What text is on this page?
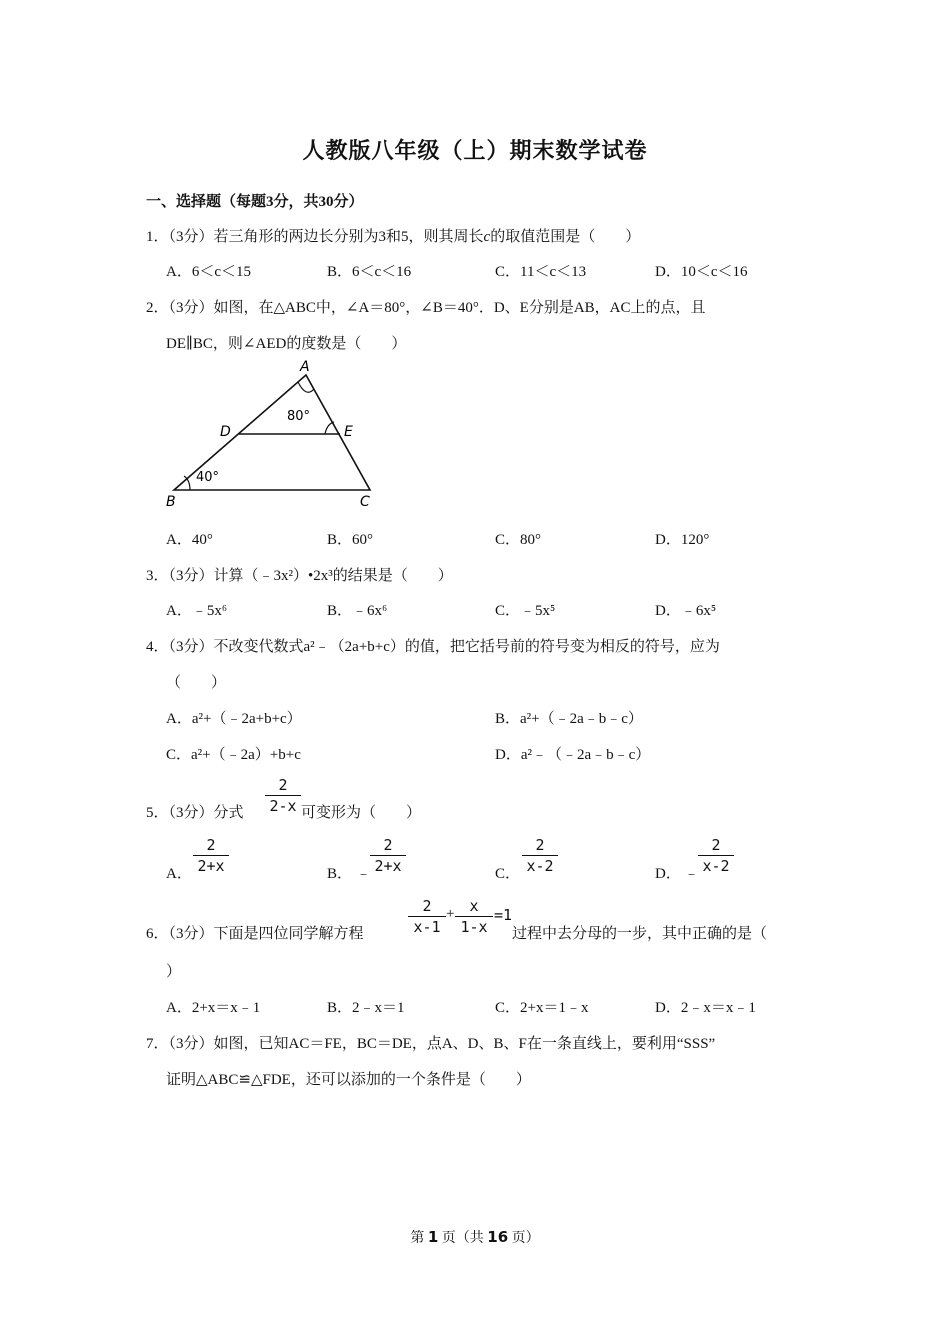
人教版八年级（上）期末数学试卷
一、选择题（每题3分，共30分）
1．（3分）若三角形的两边长分别为3和5，则其周长c的取值范围是（　　）
A．6＜c＜15	B．6＜c＜16	C．11＜c＜13	D．10＜c＜16
2．（3分）如图，在△ABC中，∠A＝80°，∠B＝40°．D、E分别是AB，AC上的点，且
DE∥BC，则∠AED的度数是（　　）
A
80°
D	E
40°
B	C
A．40°	B．60°	C．80°	D．120°
3．（3分）计算（﹣3x²）•2x³的结果是（　　）
A．﹣5x⁶	B．﹣6x⁶	C．﹣5x⁵	D．﹣6x⁵
4．（3分）不改变代数式a²﹣（2a+b+c）的值，把它括号前的符号变为相反的符号，应为
（　　）
A．a²+（﹣2a+b+c）	B．a²+（﹣2a﹣b﹣c）
C．a²+（﹣2a）+b+c	D．a²﹣（﹣2a﹣b﹣c）
5．（3分）分式
2
2-x 可变形为（　　）
A．
2
2+x	B． ﹣
2
2+x	C．
2
x-2	D． ﹣
2
x-2
6．（3分）下面是四位同学解方程
2
x-1
+	x
1-x
=1
过程中去分母的一步，其中正确的是（
）
A．2+x＝x﹣1	B．2﹣x＝1	C．2+x＝1﹣x	D．2﹣x＝x﹣1
7．（3分）如图，已知AC＝FE，BC＝DE，点A、D、B、F在一条直线上，要利用“SSS”
证明△ABC≌△FDE，还可以添加的一个条件是（　　）
第 1 页（共 16 页）
